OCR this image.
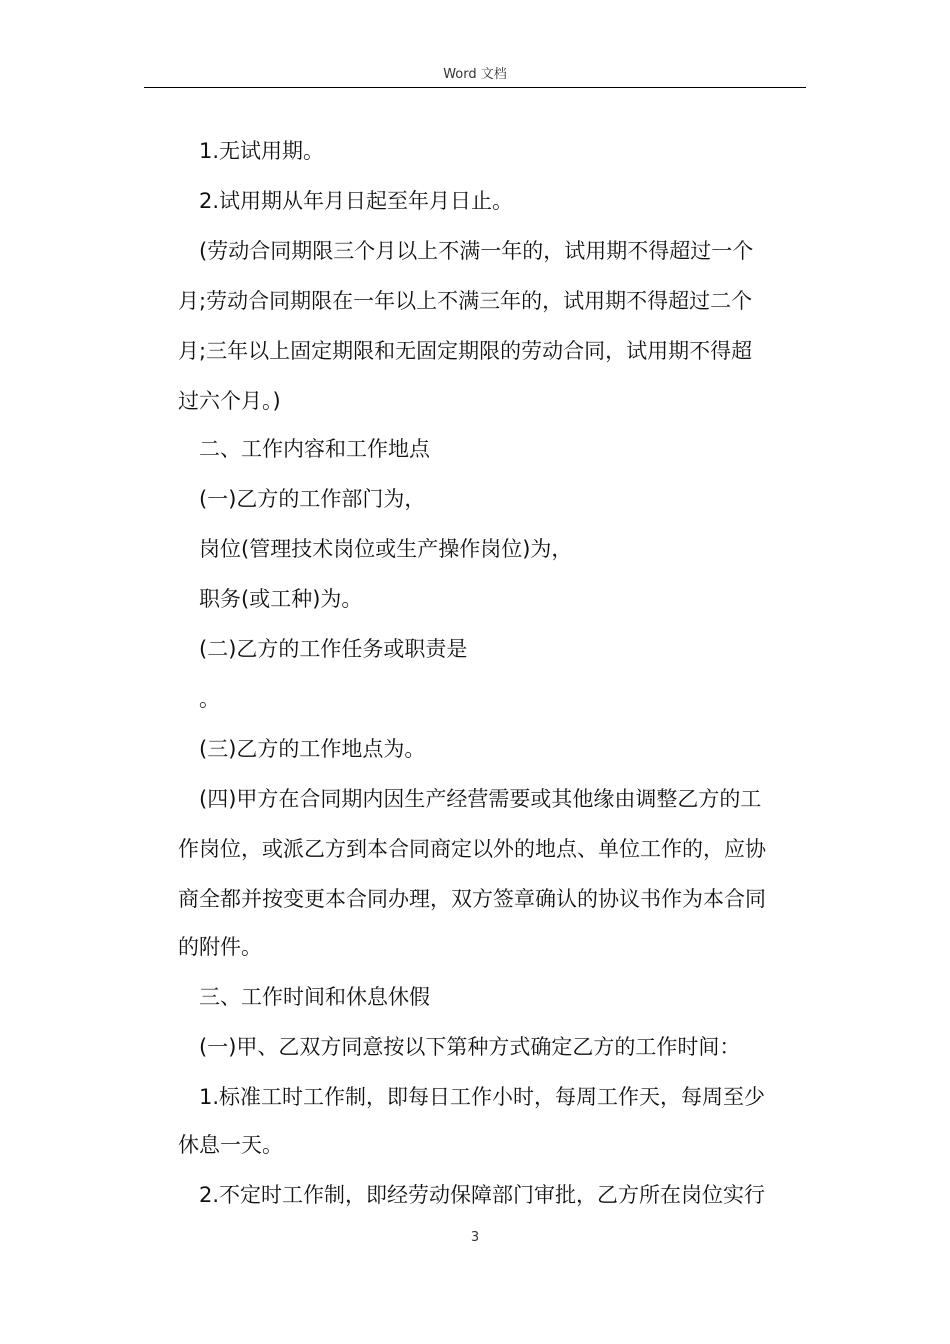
Word 文档
1.无试用期。
2.试用期从年月日起至年月日止。
(劳动合同期限三个月以上不满一年的，试用期不得超过一个
月;劳动合同期限在一年以上不满三年的，试用期不得超过二个
月;三年以上固定期限和无固定期限的劳动合同，试用期不得超
过六个月。)
二、工作内容和工作地点
(一)乙方的工作部门为，
岗位(管理技术岗位或生产操作岗位)为，
职务(或工种)为。
(二)乙方的工作任务或职责是
。
(三)乙方的工作地点为。
(四)甲方在合同期内因生产经营需要或其他缘由调整乙方的工
作岗位，或派乙方到本合同商定以外的地点、单位工作的，应协
商全都并按变更本合同办理，双方签章确认的协议书作为本合同
的附件。
三、工作时间和休息休假
(一)甲、乙双方同意按以下第种方式确定乙方的工作时间：
1.标准工时工作制，即每日工作小时，每周工作天，每周至少
休息一天。
2.不定时工作制，即经劳动保障部门审批，乙方所在岗位实行
3
